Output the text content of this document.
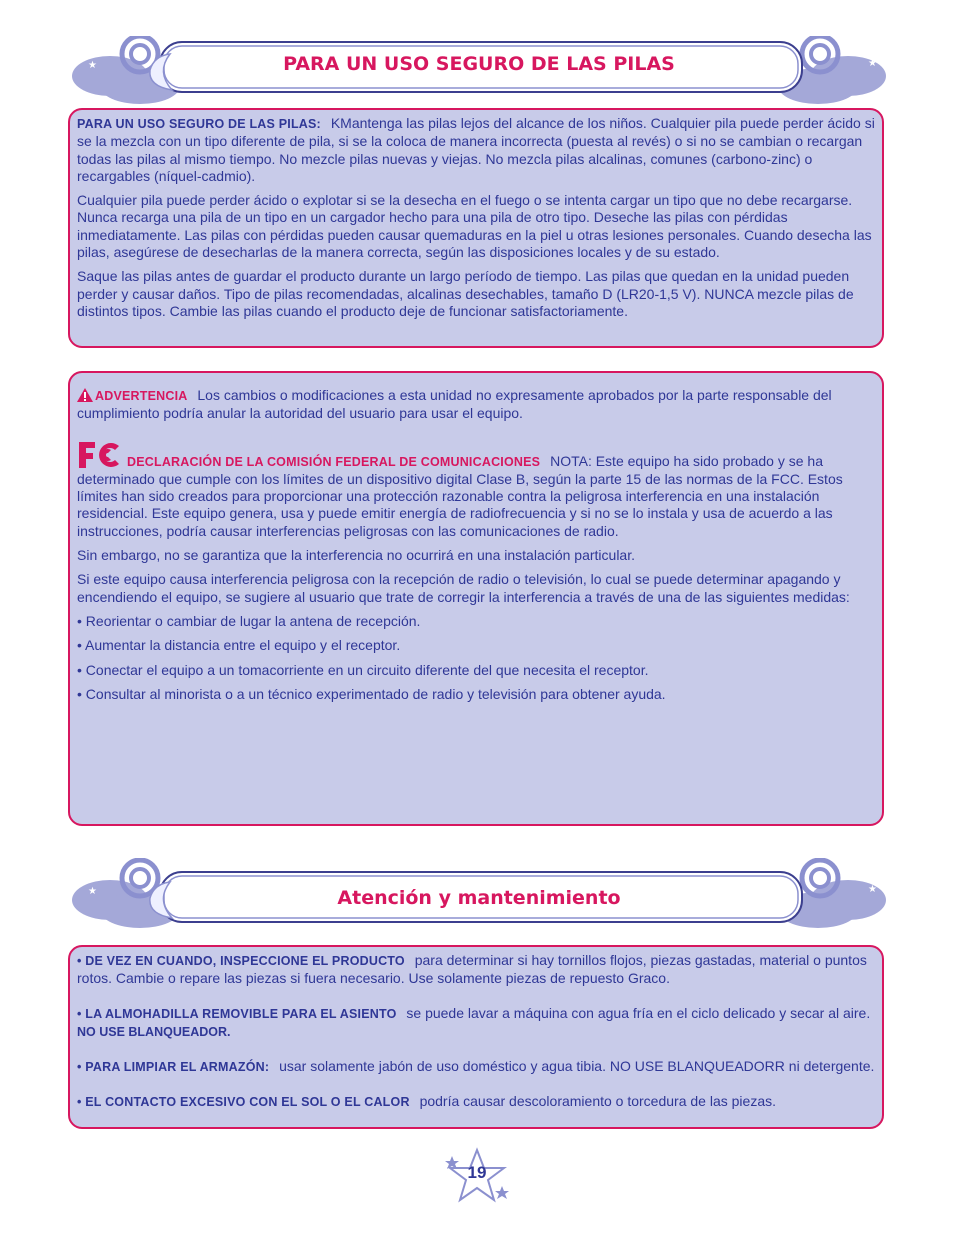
★	★
PARA UN USO SEGURO DE LAS PILAS

PARA UN USO SEGURO DE LAS PILAS: KMantenga las pilas lejos del alcance de los niños. Cualquier pila puede perder ácido si se la mezcla con un tipo diferente de pila, si se la coloca de manera incorrecta (puesta al revés) o si no se cambian o recargan todas las pilas al mismo tiempo. No mezcle pilas nuevas y viejas. No mezcla pilas alcalinas, comunes (carbono-zinc) o recargables (níquel-cadmio).

Cualquier pila puede perder ácido o explotar si se la desecha en el fuego o se intenta cargar un tipo que no debe recargarse. Nunca recarga una pila de un tipo en un cargador hecho para una pila de otro tipo. Deseche las pilas con pérdidas inmediatamente. Las pilas con pérdidas pueden causar quemaduras en la piel u otras lesiones personales. Cuando desecha las pilas, asegúrese de desecharlas de la manera correcta, según las disposiciones locales y de su estado.

Saque las pilas antes de guardar el producto durante un largo período de tiempo. Las pilas que quedan en la unidad pueden perder y causar daños. Tipo de pilas recomendadas, alcalinas desechables, tamaño D (LR20-1,5 V). NUNCA mezcle pilas de distintos tipos. Cambie las pilas cuando el producto deje de funcionar satisfactoriamente.

ADVERTENCIA Los cambios o modificaciones a esta unidad no expresamente aprobados por la parte responsable del cumplimiento podría anular la autoridad del usuario para usar el equipo.

DECLARACIÓN DE LA COMISIÓN FEDERAL DE COMUNICACIONES NOTA: Este equipo ha sido probado y se ha determinado que cumple con los límites de un dispositivo digital Clase B, según la parte 15 de las normas de la FCC. Estos límites han sido creados para proporcionar una protección razonable contra la peligrosa interferencia en una instalación residencial. Este equipo genera, usa y puede emitir energía de radiofrecuencia y si no se lo instala y usa de acuerdo a las instrucciones, podría causar interferencias peligrosas con las comunicaciones de radio.

Sin embargo, no se garantiza que la interferencia no ocurrirá en una instalación particular.

Si este equipo causa interferencia peligrosa con la recepción de radio o televisión, lo cual se puede determinar apagando y encendiendo el equipo, se sugiere al usuario que trate de corregir la interferencia a través de una de las siguientes medidas:

• Reorientar o cambiar de lugar la antena de recepción.

• Aumentar la distancia entre el equipo y el receptor.

• Conectar el equipo a un tomacorriente en un circuito diferente del que necesita el receptor.

• Consultar al minorista o a un técnico experimentado de radio y televisión para obtener ayuda.

★	★
Atención y mantenimiento

• DE VEZ EN CUANDO, INSPECCIONE EL PRODUCTO para determinar si hay tornillos flojos, piezas gastadas, material o puntos rotos. Cambie o repare las piezas si fuera necesario. Use solamente piezas de repuesto Graco.

• LA ALMOHADILLA REMOVIBLE PARA EL ASIENTO se puede lavar a máquina con agua fría en el ciclo delicado y secar al aire. NO USE BLANQUEADOR.

• PARA LIMPIAR EL ARMAZÓN: usar solamente jabón de uso doméstico y agua tibia. NO USE BLANQUEADORR ni detergente.

• EL CONTACTO EXCESIVO CON EL SOL O EL CALOR podría causar descoloramiento o torcedura de las piezas.

19
